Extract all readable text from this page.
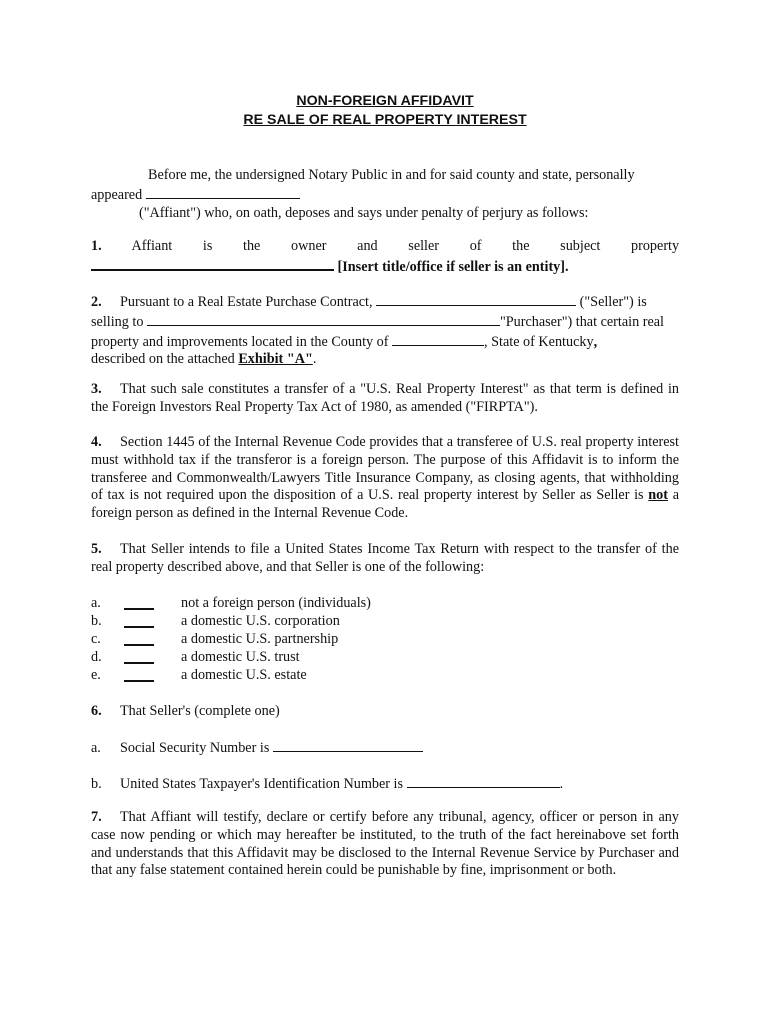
NON-FOREIGN AFFIDAVIT
RE SALE OF REAL PROPERTY INTEREST
Before me, the undersigned Notary Public in and for said county and state, personally
appeared
("Affiant") who, on oath, deposes and says under penalty of perjury as follows:
1. Affiant is the owner and seller of the subject property
[Insert title/office if seller is an entity].
2. Pursuant to a Real Estate Purchase Contract,	("Seller") is
selling to	"Purchaser") that certain real
property and improvements located in the County of	, State of Kentucky,
described on the attached Exhibit "A".
3. That such sale constitutes a transfer of a "U.S. Real Property Interest" as that term is defined in the Foreign Investors Real Property Tax Act of 1980, as amended ("FIRPTA").
4. Section 1445 of the Internal Revenue Code provides that a transferee of U.S. real property interest must withhold tax if the transferor is a foreign person. The purpose of this Affidavit is to inform the transferee and Commonwealth/Lawyers Title Insurance Company, as closing agents, that withholding of tax is not required upon the disposition of a U.S. real property interest by Seller as Seller is not a foreign person as defined in the Internal Revenue Code.
5. That Seller intends to file a United States Income Tax Return with respect to the transfer of the real property described above, and that Seller is one of the following:
a.	not a foreign person (individuals)
b.	a domestic U.S. corporation
c.	a domestic U.S. partnership
d.	a domestic U.S. trust
e.	a domestic U.S. estate
6. That Seller's (complete one)
a. Social Security Number is
b. United States Taxpayer's Identification Number is	.
7. That Affiant will testify, declare or certify before any tribunal, agency, officer or person in any case now pending or which may hereafter be instituted, to the truth of the fact hereinabove set forth and understands that this Affidavit may be disclosed to the Internal Revenue Service by Purchaser and that any false statement contained herein could be punishable by fine, imprisonment or both.
